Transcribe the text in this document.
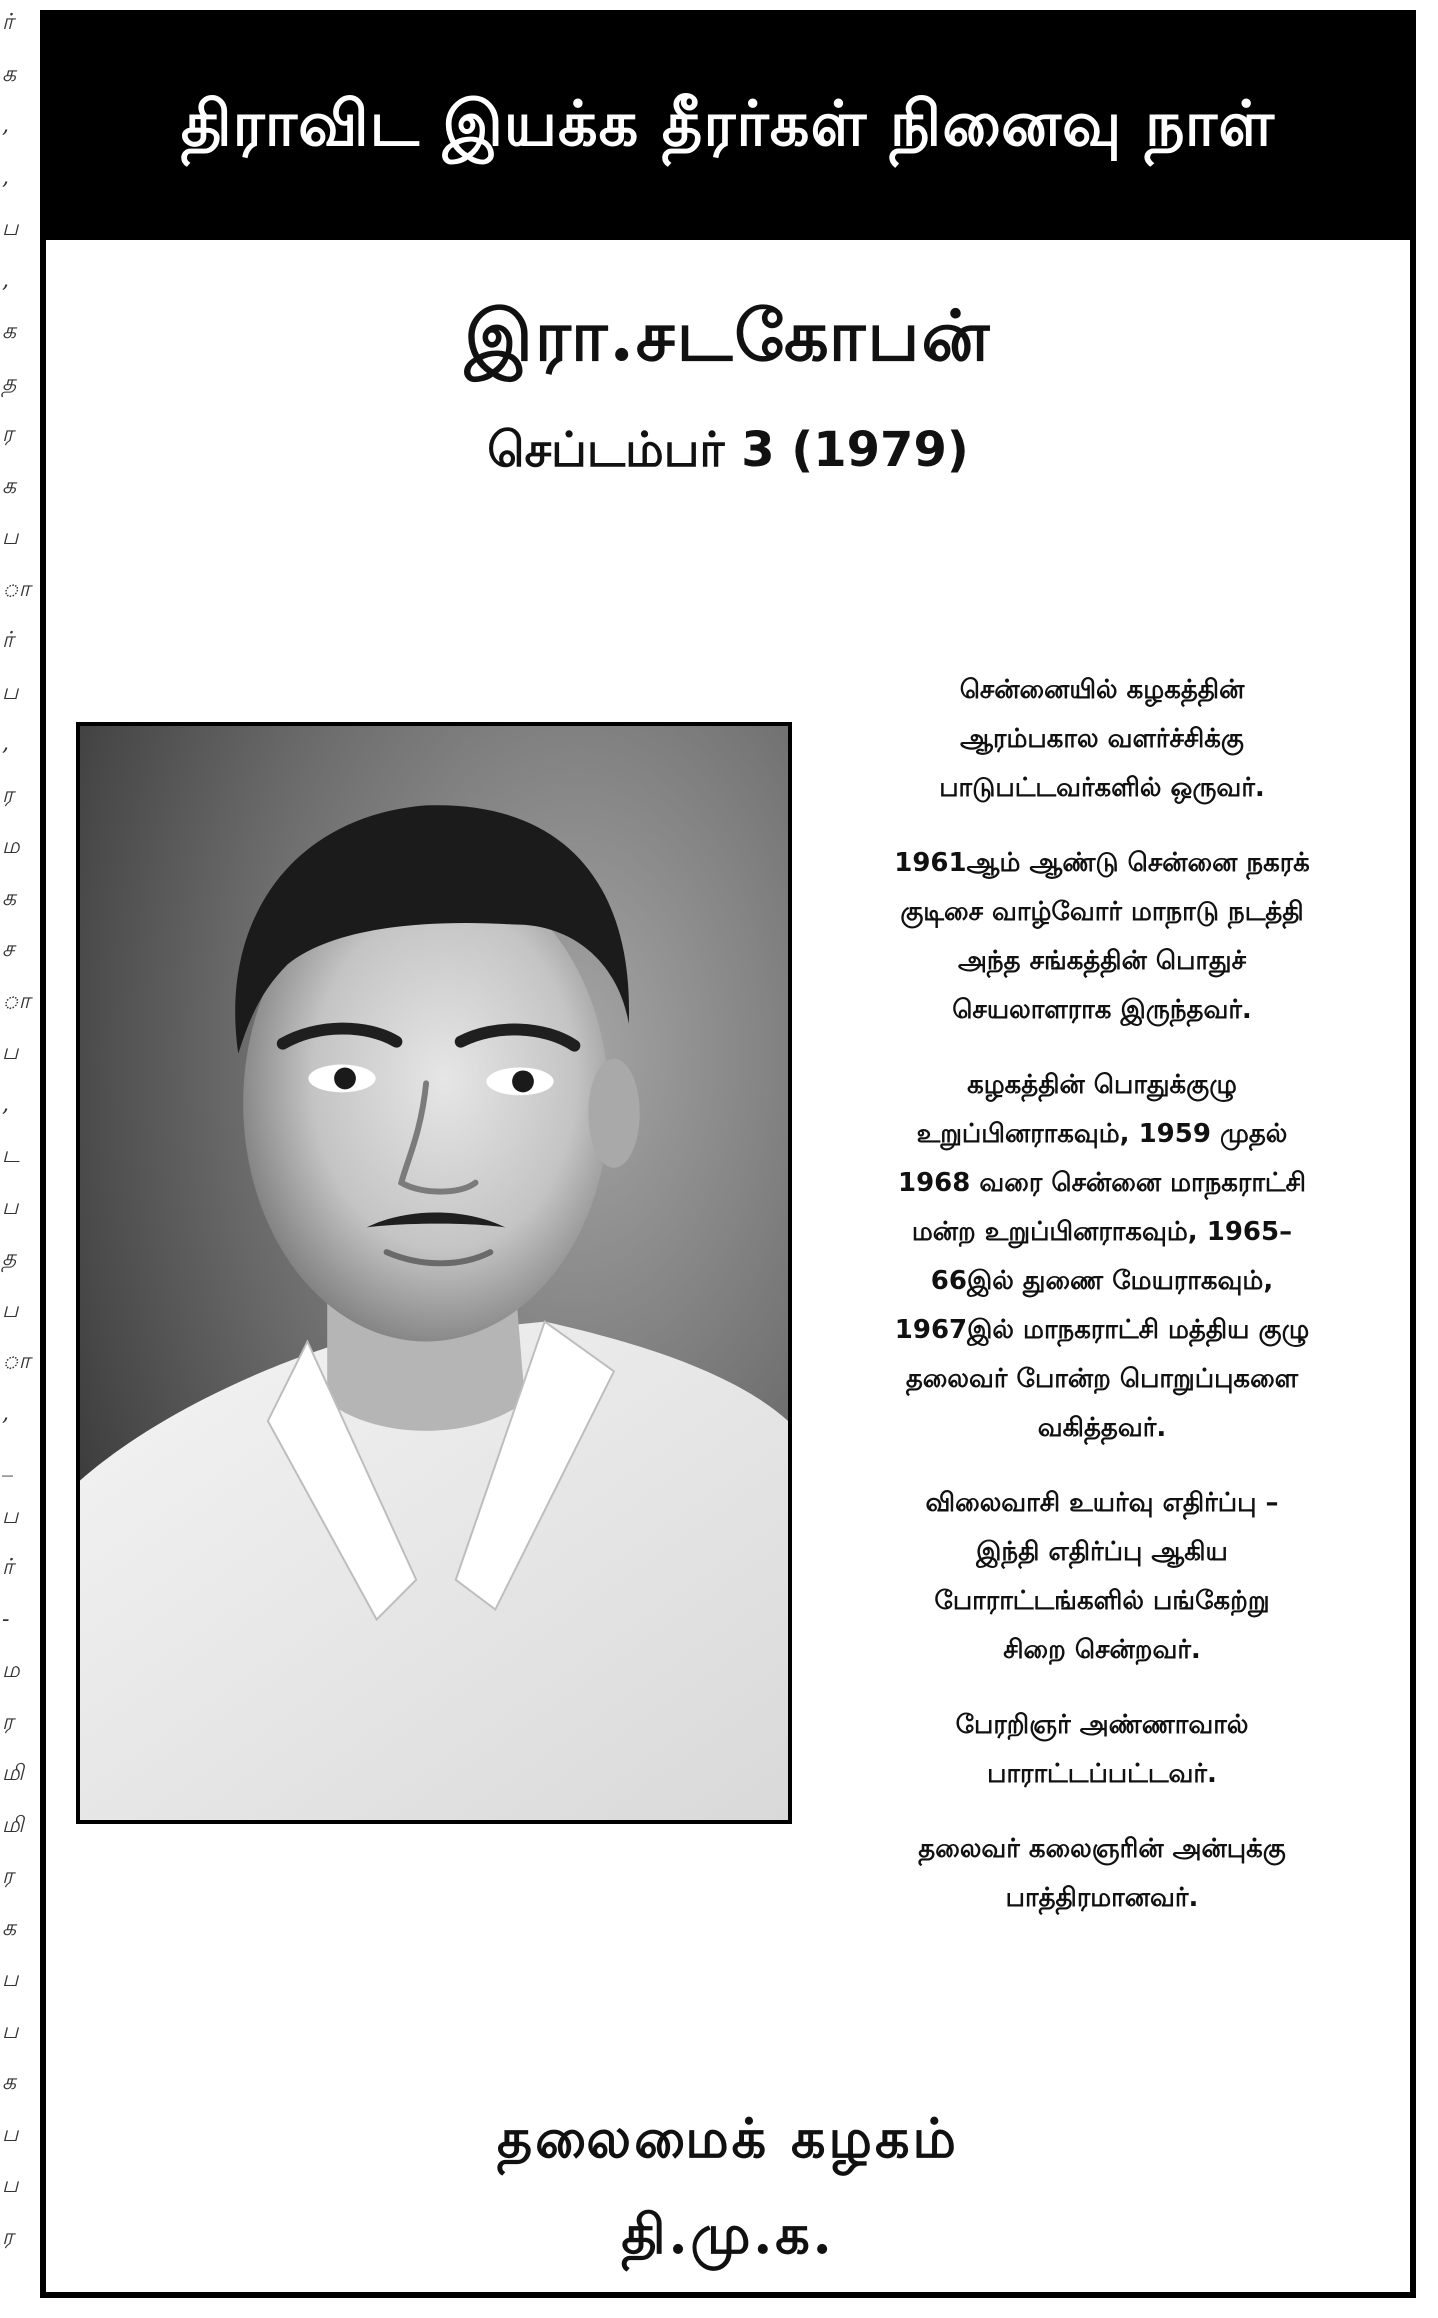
ர்
க
,
,
ப
,
க
த
ர
க
ப
ா
ர்
ப
,
ர
ம
க
ச
ா
ப
,
ட
ப
த
ப
ா
,
_
ப
ர்
-
ம
ர
மி
மி
ர
க
ப
ப
க
ப
ப
ர
திராவிட இயக்க தீரர்கள் நினைவு நாள்
இரா.சடகோபன்
செப்டம்பர் 3 (1979)

சென்னையில் கழகத்தின்
ஆரம்பகால வளர்ச்சிக்கு
பாடுபட்டவர்களில் ஒருவர்.

1961ஆம் ஆண்டு சென்னை நகரக்
குடிசை வாழ்வோர் மாநாடு நடத்தி
அந்த சங்கத்தின் பொதுச்
செயலாளராக இருந்தவர்.

கழகத்தின் பொதுக்குழு
உறுப்பினராகவும், 1959 முதல்
1968 வரை சென்னை மாநகராட்சி
மன்ற உறுப்பினராகவும், 1965–
66இல் துணை மேயராகவும்,
1967இல் மாநகராட்சி மத்திய குழு
தலைவர் போன்ற பொறுப்புகளை
வகித்தவர்.

விலைவாசி உயர்வு எதிர்ப்பு –
இந்தி எதிர்ப்பு ஆகிய
போராட்டங்களில் பங்கேற்று
சிறை சென்றவர்.

பேரறிஞர் அண்ணாவால்
பாராட்டப்பட்டவர்.

தலைவர் கலைஞரின் அன்புக்கு
பாத்திரமானவர்.

தலைமைக் கழகம்
தி.மு.க.
